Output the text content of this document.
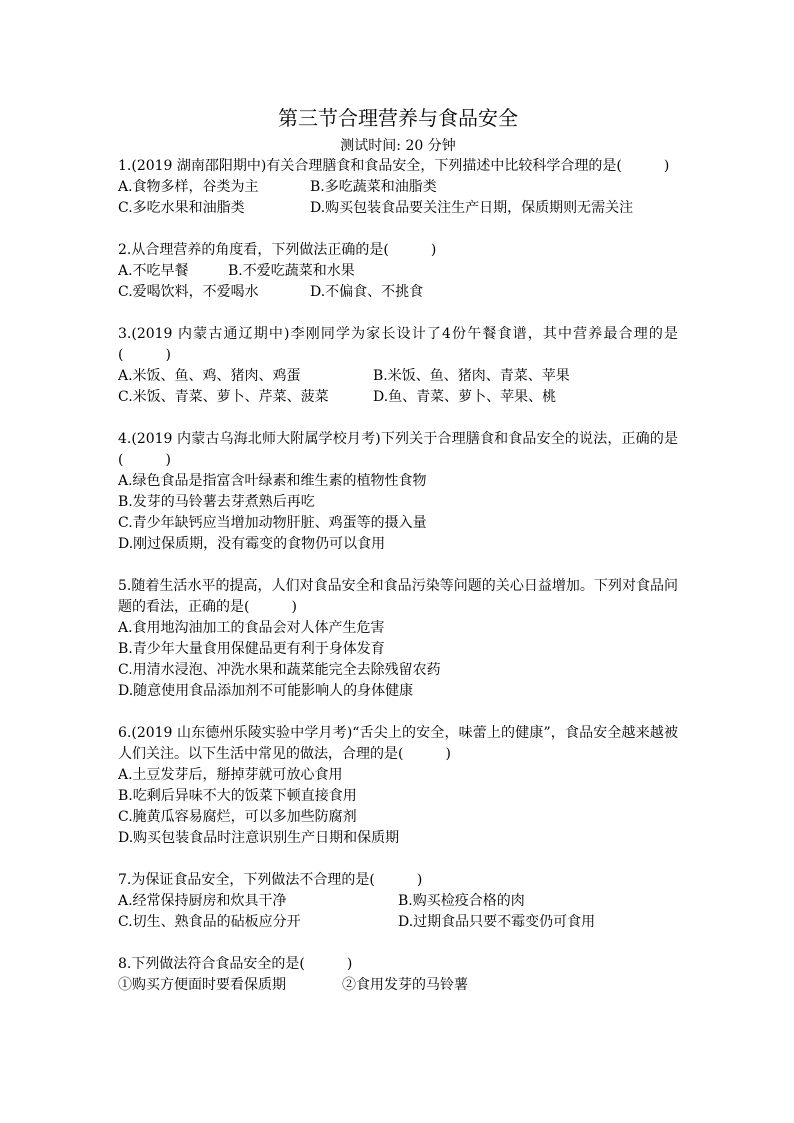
第三节合理营养与食品安全
测试时间: 20 分钟

1.(2019 湖南邵阳期中)有关合理膳食和食品安全，下列描述中比较科学合理的是(　　　)

A.食物多样，谷类为主	B.多吃蔬菜和油脂类
C.多吃水果和油脂类	D.购买包装食品要关注生产日期，保质期则无需关注

2.从合理营养的角度看，下列做法正确的是(　　　)

A.不吃早餐	B.不爱吃蔬菜和水果
C.爱喝饮料，不爱喝水	D.不偏食、不挑食

3.(2019 内蒙古通辽期中)李刚同学为家长设计了4份午餐食谱，其中营养最合理的是(　　　)

A.米饭、鱼、鸡、猪肉、鸡蛋	B.米饭、鱼、猪肉、青菜、苹果
C.米饭、青菜、萝卜、芹菜、菠菜	D.鱼、青菜、萝卜、苹果、桃

4.(2019 内蒙古乌海北师大附属学校月考)下列关于合理膳食和食品安全的说法，正确的是(　　　)

A.绿色食品是指富含叶绿素和维生素的植物性食物
B.发芽的马铃薯去芽煮熟后再吃
C.青少年缺钙应当增加动物肝脏、鸡蛋等的摄入量
D.刚过保质期，没有霉变的食物仍可以食用

5.随着生活水平的提高，人们对食品安全和食品污染等问题的关心日益增加。下列对食品问题的看法，正确的是(　　　)

A.食用地沟油加工的食品会对人体产生危害
B.青少年大量食用保健品更有利于身体发育
C.用清水浸泡、冲洗水果和蔬菜能完全去除残留农药
D.随意使用食品添加剂不可能影响人的身体健康

6.(2019 山东德州乐陵实验中学月考)“舌尖上的安全，味蕾上的健康”，食品安全越来越被人们关注。以下生活中常见的做法，合理的是(　　　)

A.土豆发芽后，掰掉芽就可放心食用
B.吃剩后异味不大的饭菜下顿直接食用
C.腌黄瓜容易腐烂，可以多加些防腐剂
D.购买包装食品时注意识别生产日期和保质期

7.为保证食品安全，下列做法不合理的是(　　　)

A.经常保持厨房和炊具干净	B.购买检疫合格的肉
C.切生、熟食品的砧板应分开	D.过期食品只要不霉变仍可食用

8.下列做法符合食品安全的是(　　　)

①购买方便面时要看保质期	②食用发芽的马铃薯
